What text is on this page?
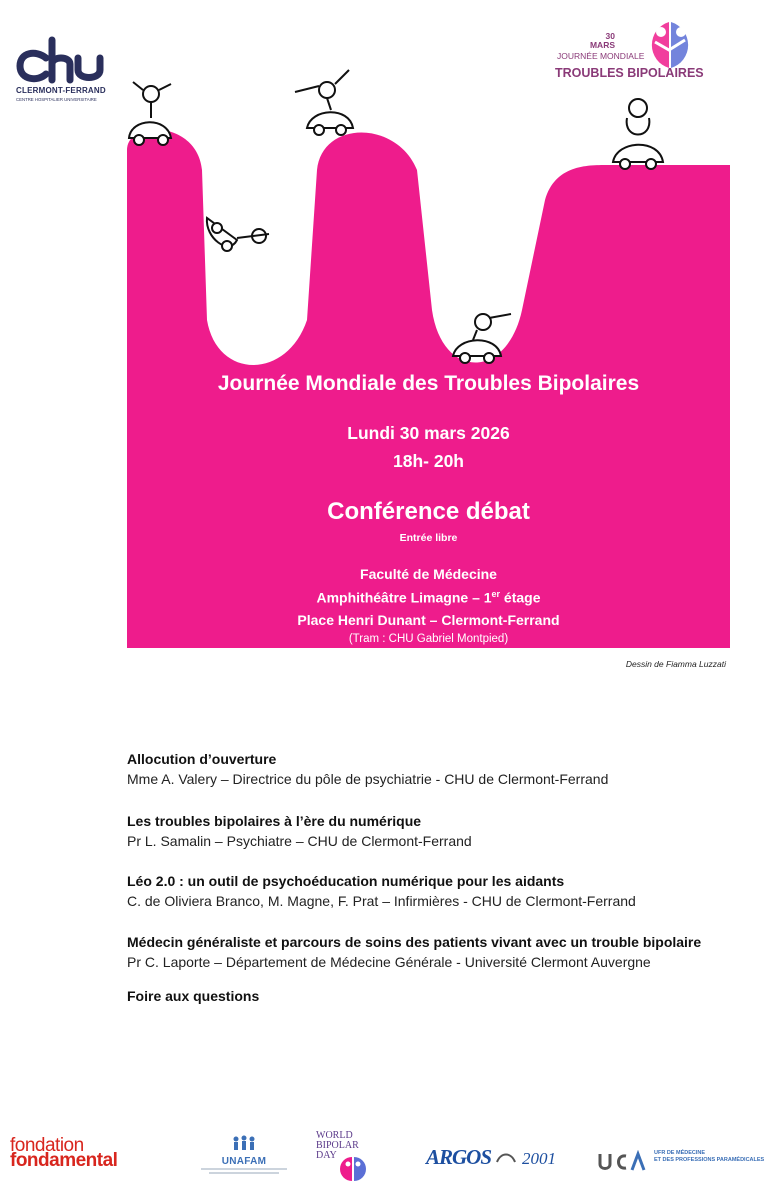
CLERMONT-FERRAND
CENTRE HOSPITALIER UNIVERSITAIRE
30
MARS
JOURNÉE MONDIALE
TROUBLES BIPOLAIRES
Journée Mondiale des Troubles Bipolaires
Lundi 30 mars 2026
18h- 20h
Conférence débat
Entrée libre
Faculté de Médecine
Amphithéâtre Limagne – 1er étage
Place Henri Dunant – Clermont-Ferrand
(Tram : CHU Gabriel Montpied)
Dessin de Fiamma Luzzati
Allocution d’ouverture
Mme A. Valery – Directrice du pôle de psychiatrie - CHU de Clermont-Ferrand
Les troubles bipolaires à l’ère du numérique
Pr L. Samalin – Psychiatre – CHU de Clermont-Ferrand
Léo 2.0 : un outil de psychoéducation numérique pour les aidants
C. de Oliviera Branco, M. Magne, F. Prat – Infirmières - CHU de Clermont-Ferrand
Médecin généraliste et parcours de soins des patients vivant avec un trouble bipolaire
Pr C. Laporte – Département de Médecine Générale - Université Clermont Auvergne
Foire aux questions
fondation
fondamental	UNAFAM
WORLD
BIPOLAR
DAY	ARGOS 2001	UFR DE MÉDECINE
ET DES PROFESSIONS PARAMÉDICALES
